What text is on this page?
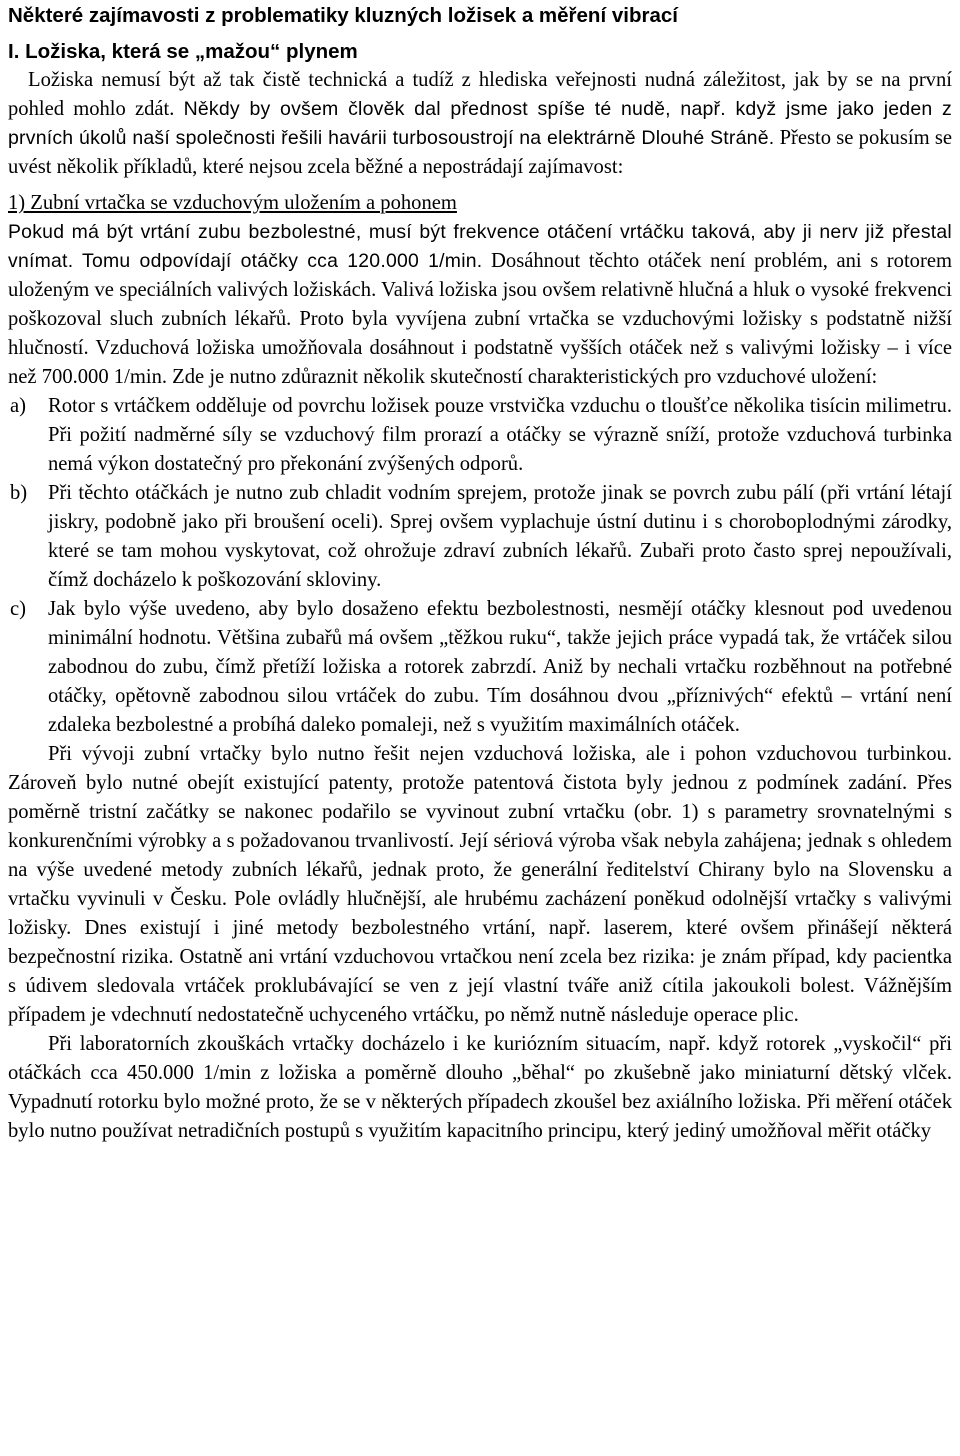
Některé zajímavosti z problematiky kluzných ložisek a měření vibrací
I. Ložiska, která se „mažou“ plynem

Ložiska nemusí být až tak čistě technická a tudíž z hlediska veřejnosti nudná záležitost, jak by se na první pohled mohlo zdát. Někdy by ovšem člověk dal přednost spíše té nudě, např. když jsme jako jeden z prvních úkolů naší společnosti řešili havárii turbosoustrojí na elektrárně Dlouhé Stráně. Přesto se pokusím se uvést několik příkladů, které nejsou zcela běžné a nepostrádají zajímavost:

1) Zubní vrtačka se vzduchovým uložením a pohonem

Pokud má být vrtání zubu bezbolestné, musí být frekvence otáčení vrtáčku taková, aby ji nerv již přestal vnímat. Tomu odpovídají otáčky cca 120.000 1/min. Dosáhnout těchto otáček není problém, ani s rotorem uloženým ve speciálních valivých ložiskách. Valivá ložiska jsou ovšem relativně hlučná a hluk o vysoké frekvenci poškozoval sluch zubních lékařů. Proto byla vyvíjena zubní vrtačka se vzduchovými ložisky s podstatně nižší hlučností. Vzduchová ložiska umožňovala dosáhnout i podstatně vyšších otáček než s valivými ložisky – i více než 700.000 1/min. Zde je nutno zdůraznit několik skutečností charakteristických pro vzduchové uložení:

a)	Rotor s vrtáčkem odděluje od povrchu ložisek pouze vrstvička vzduchu o tloušťce několika tisícin milimetru. Při požití nadměrné síly se vzduchový film prorazí a otáčky se výrazně sníží, protože vzduchová turbinka nemá výkon dostatečný pro překonání zvýšených odporů.
b)	Při těchto otáčkách je nutno zub chladit vodním sprejem, protože jinak se povrch zubu pálí (při vrtání létají jiskry, podobně jako při broušení oceli). Sprej ovšem vyplachuje ústní dutinu i s choroboplodnými zárodky, které se tam mohou vyskytovat, což ohrožuje zdraví zubních lékařů. Zubaři proto často sprej nepoužívali, čímž docházelo k poškozování skloviny.
c)	Jak bylo výše uvedeno, aby bylo dosaženo efektu bezbolestnosti, nesmějí otáčky klesnout pod uvedenou minimální hodnotu. Většina zubařů má ovšem „těžkou ruku“, takže jejich práce vypadá tak, že vrtáček silou zabodnou do zubu, čímž přetíží ložiska a rotorek zabrzdí. Aniž by nechali vrtačku rozběhnout na potřebné otáčky, opětovně zabodnou silou vrtáček do zubu. Tím dosáhnou dvou „příznivých“ efektů – vrtání není zdaleka bezbolestné a probíhá daleko pomaleji, než s využitím maximálních otáček.

Při vývoji zubní vrtačky bylo nutno řešit nejen vzduchová ložiska, ale i pohon vzduchovou turbinkou. Zároveň bylo nutné obejít existující patenty, protože patentová čistota byly jednou z podmínek zadání. Přes poměrně tristní začátky se nakonec podařilo se vyvinout zubní vrtačku (obr. 1) s parametry srovnatelnými s konkurenčními výrobky a s požadovanou trvanlivostí. Její sériová výroba však nebyla zahájena; jednak s ohledem na výše uvedené metody zubních lékařů, jednak proto, že generální ředitelství Chirany bylo na Slovensku a vrtačku vyvinuli v Česku. Pole ovládly hlučnější, ale hrubému zacházení poněkud odolnější vrtačky s valivými ložisky. Dnes existují i jiné metody bezbolestného vrtání, např. laserem, které ovšem přinášejí některá bezpečnostní rizika. Ostatně ani vrtání vzduchovou vrtačkou není zcela bez rizika: je znám případ, kdy pacientka s údivem sledovala vrtáček proklubávající se ven z její vlastní tváře aniž cítila jakoukoli bolest. Vážnějším případem je vdechnutí nedostatečně uchyceného vrtáčku, po němž nutně následuje operace plic.

Při laboratorních zkouškách vrtačky docházelo i ke kuriózním situacím, např. když rotorek „vyskočil“ při otáčkách cca 450.000 1/min z ložiska a poměrně dlouho „běhal“ po zkušebně jako miniaturní dětský vlček. Vypadnutí rotorku bylo možné proto, že se v některých případech zkoušel bez axiálního ložiska. Při měření otáček bylo nutno používat netradičních postupů s využitím kapacitního principu, který jediný umožňoval měřit otáčky
